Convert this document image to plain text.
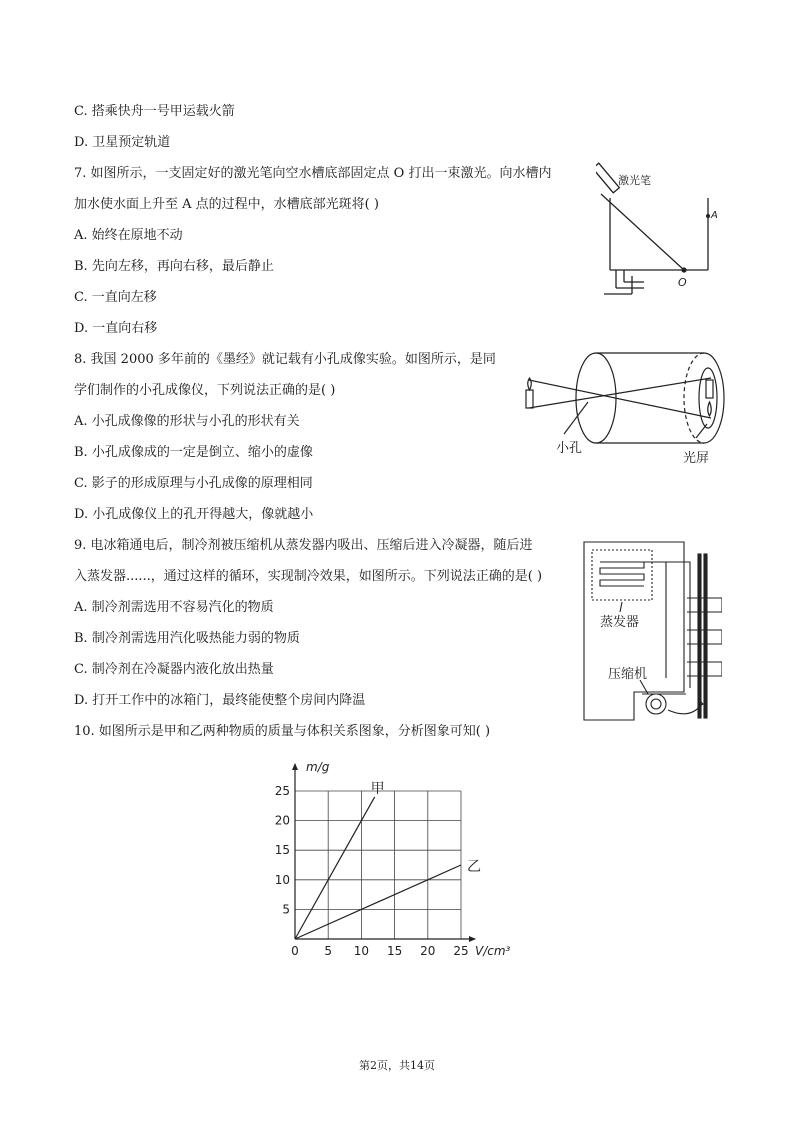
C. 搭乘快舟一号甲运载火箭
D. 卫星预定轨道
7. 如图所示，一支固定好的激光笔向空水槽底部固定点 O 打出一束激光。向水槽内
加水使水面上升至 A 点的过程中，水槽底部光斑将( )
A. 始终在原地不动
B. 先向左移，再向右移，最后静止
C. 一直向左移
D. 一直向右移
8. 我国 2000 多年前的《墨经》就记载有小孔成像实验。如图所示，是同
学们制作的小孔成像仪，下列说法正确的是( )
A. 小孔成像像的形状与小孔的形状有关
B. 小孔成像成的一定是倒立、缩小的虚像
C. 影子的形成原理与小孔成像的原理相同
D. 小孔成像仪上的孔开得越大，像就越小
9. 电冰箱通电后，制冷剂被压缩机从蒸发器内吸出、压缩后进入冷凝器，随后进
入蒸发器......，通过这样的循环，实现制冷效果，如图所示。下列说法正确的是( )
A. 制冷剂需选用不容易汽化的物质
B. 制冷剂需选用汽化吸热能力弱的物质
C. 制冷剂在冷凝器内液化放出热量
D. 打开工作中的冰箱门，最终能使整个房间内降温
10. 如图所示是甲和乙两种物质的质量与体积关系图象，分析图象可知( )
激光笔
A
O
小孔
光屏
蒸发器
压缩机
0 5 10 15 20 25
5
10
15
20
25	甲
乙
m/g
V/cm³
第2页，共14页
